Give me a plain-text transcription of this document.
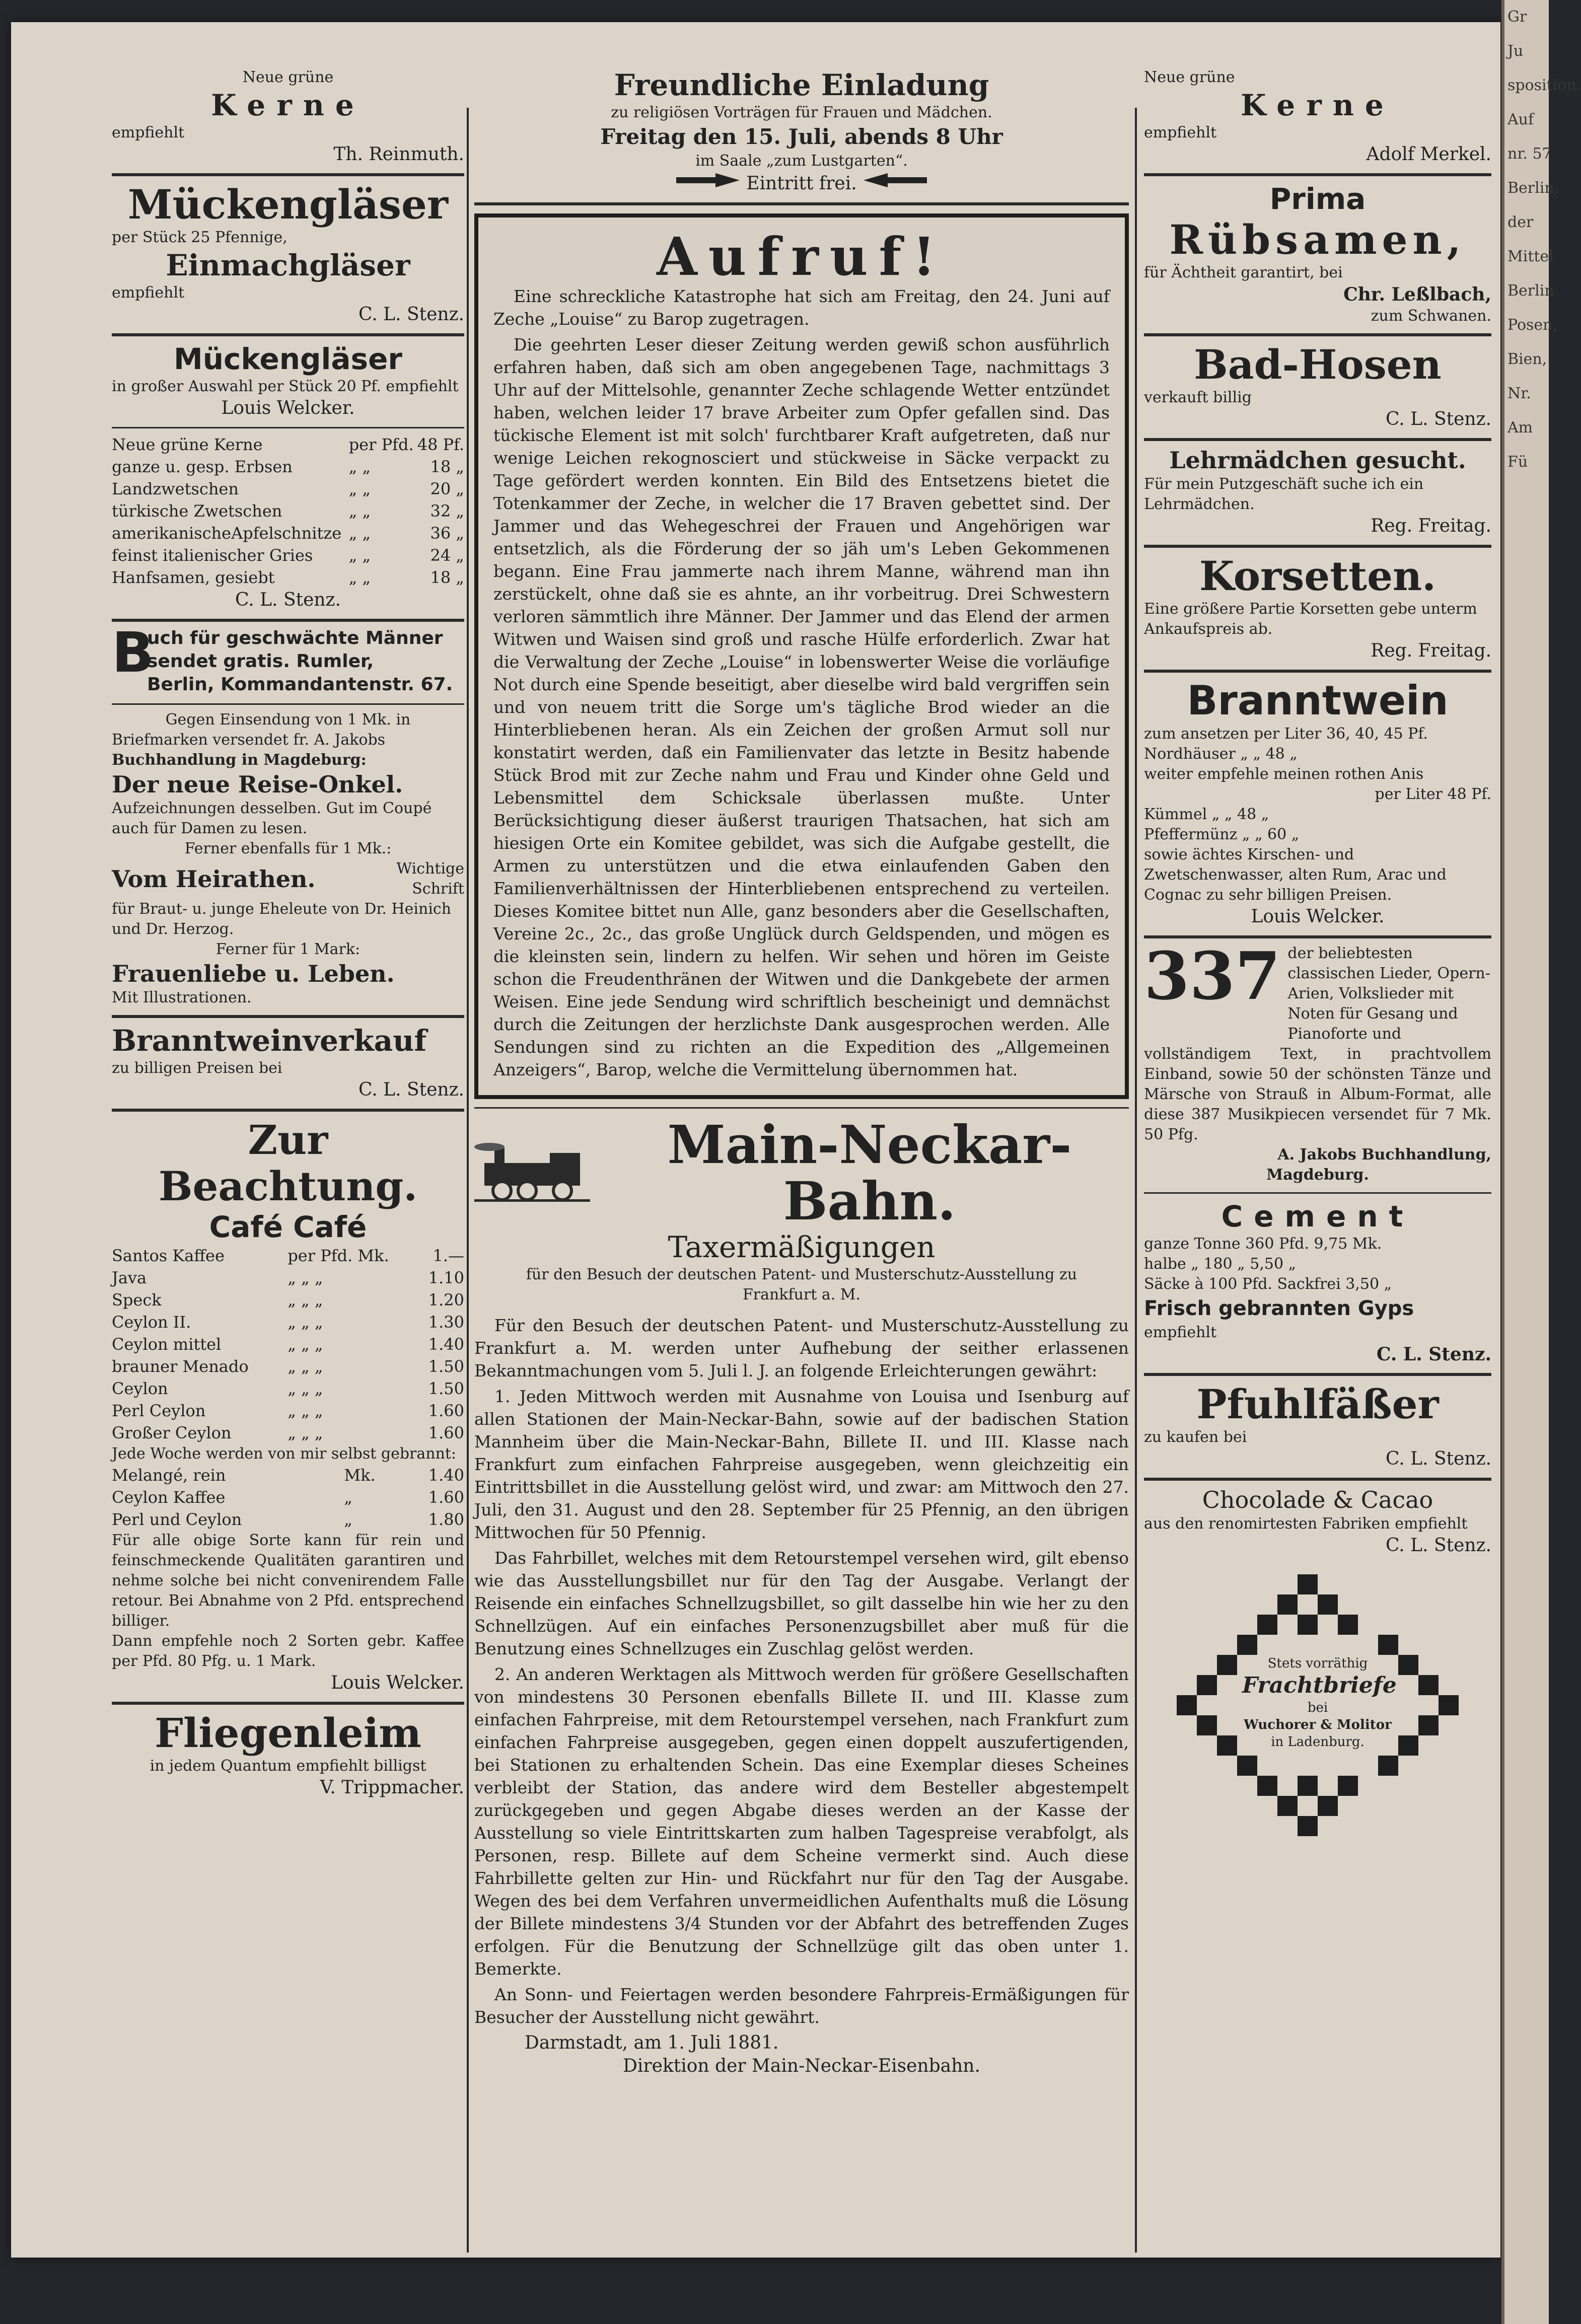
Neue grüne
Kerne
empfiehlt
Th. Reinmuth.
Mückengläser
per Stück 25 Pfennige,
Einmachgläser
empfiehlt
C. L. Stenz.
Mückengläser
in großer Auswahl per Stück 20 Pf. empfiehlt
Louis Welcker.
Neue grüne Kerne	per Pfd.	48 Pf.
ganze u. gesp. Erbsen	„ „	18 „
Landzwetschen	„ „	20 „
türkische Zwetschen	„ „	32 „
amerikanischeApfelschnitze	„ „	36 „
feinst italienischer Gries	„ „	24 „
Hanfsamen, gesiebt	„ „	18 „
C. L. Stenz.
B
uch für geschwächte Männer
sendet gratis. Rumler,
Berlin, Kommandantenstr. 67.
Gegen Einsendung von 1 Mk. in
Briefmarken versendet fr. A. Jakobs
Buchhandlung in Magdeburg:
Der neue Reise-Onkel.
Aufzeichnungen desselben. Gut im Coupé auch für Damen zu lesen.
Ferner ebenfalls für 1 Mk.:
Vom Heirathen.	Wichtige Schrift
für Braut- u. junge Eheleute von Dr. Heinich und Dr. Herzog.
Ferner für 1 Mark:
Frauenliebe u. Leben.
Mit Illustrationen.
Branntweinverkauf
zu billigen Preisen bei
C. L. Stenz.
Zur Beachtung.
Café Café
Santos Kaffee	per Pfd. Mk.	1.—
Java	„ „ „	1.10
Speck	„ „ „	1.20
Ceylon II.	„ „ „	1.30
Ceylon mittel	„ „ „	1.40
brauner Menado	„ „ „	1.50
Ceylon	„ „ „	1.50
Perl Ceylon	„ „ „	1.60
Großer Ceylon	„ „ „	1.60
Jede Woche werden von mir selbst gebrannt:
Melangé, rein	Mk.	1.40
Ceylon Kaffee	„	1.60
Perl und Ceylon	„	1.80
Für alle obige Sorte kann für rein und feinschmeckende Qualitäten garantiren und nehme solche bei nicht convenirendem Falle retour. Bei Abnahme von 2 Pfd. entsprechend billiger.
Dann empfehle noch 2 Sorten gebr. Kaffee per Pfd. 80 Pfg. u. 1 Mark.
Louis Welcker.
Fliegenleim
in jedem Quantum empfiehlt billigst
V. Trippmacher.
Freundliche Einladung
zu religiösen Vorträgen für Frauen und Mädchen.
Freitag den 15. Juli, abends 8 Uhr
im Saale „zum Lustgarten“.
Eintritt frei.
Aufruf!

Eine schreckliche Katastrophe hat sich am Freitag, den 24. Juni auf Zeche „Louise“ zu Barop zugetragen.

Die geehrten Leser dieser Zeitung werden gewiß schon ausführlich erfahren haben, daß sich am oben angegebenen Tage, nachmittags 3 Uhr auf der Mittelsohle, genannter Zeche schlagende Wetter entzündet haben, welchen leider 17 brave Arbeiter zum Opfer gefallen sind. Das tückische Element ist mit solch' furchtbarer Kraft aufgetreten, daß nur wenige Leichen rekognosciert und stückweise in Säcke verpackt zu Tage gefördert werden konnten. Ein Bild des Entsetzens bietet die Totenkammer der Zeche, in welcher die 17 Braven gebettet sind. Der Jammer und das Wehegeschrei der Frauen und Angehörigen war entsetzlich, als die Förderung der so jäh um's Leben Gekommenen begann. Eine Frau jammerte nach ihrem Manne, während man ihn zerstückelt, ohne daß sie es ahnte, an ihr vorbeitrug. Drei Schwestern verloren sämmtlich ihre Männer. Der Jammer und das Elend der armen Witwen und Waisen sind groß und rasche Hülfe erforderlich. Zwar hat die Verwaltung der Zeche „Louise“ in lobenswerter Weise die vorläufige Not durch eine Spende beseitigt, aber dieselbe wird bald vergriffen sein und von neuem tritt die Sorge um's tägliche Brod wieder an die Hinterbliebenen heran. Als ein Zeichen der großen Armut soll nur konstatirt werden, daß ein Familienvater das letzte in Besitz habende Stück Brod mit zur Zeche nahm und Frau und Kinder ohne Geld und Lebensmittel dem Schicksale überlassen mußte. Unter Berücksichtigung dieser äußerst traurigen Thatsachen, hat sich am hiesigen Orte ein Komitee gebildet, was sich die Aufgabe gestellt, die Armen zu unterstützen und die etwa einlaufenden Gaben den Familienverhältnissen der Hinterbliebenen entsprechend zu verteilen. Dieses Komitee bittet nun Alle, ganz besonders aber die Gesellschaften, Vereine 2c., 2c., das große Unglück durch Geldspenden, und mögen es die kleinsten sein, lindern zu helfen. Wir sehen und hören im Geiste schon die Freudenthränen der Witwen und die Dankgebete der armen Weisen. Eine jede Sendung wird schriftlich bescheinigt und demnächst durch die Zeitungen der herzlichste Dank ausgesprochen werden. Alle Sendungen sind zu richten an die Expedition des „Allgemeinen Anzeigers“, Barop, welche die Vermittelung übernommen hat.

Main-Neckar-Bahn.
Taxermäßigungen
für den Besuch der deutschen Patent- und Musterschutz-Ausstellung zu Frankfurt a. M.

Für den Besuch der deutschen Patent- und Musterschutz-Ausstellung zu Frankfurt a. M. werden unter Aufhebung der seither erlassenen Bekanntmachungen vom 5. Juli l. J. an folgende Erleichterungen gewährt:

1. Jeden Mittwoch werden mit Ausnahme von Louisa und Isenburg auf allen Stationen der Main-Neckar-Bahn, sowie auf der badischen Station Mannheim über die Main-Neckar-Bahn, Billete II. und III. Klasse nach Frankfurt zum einfachen Fahrpreise ausgegeben, wenn gleichzeitig ein Eintrittsbillet in die Ausstellung gelöst wird, und zwar: am Mittwoch den 27. Juli, den 31. August und den 28. September für 25 Pfennig, an den übrigen Mittwochen für 50 Pfennig.

Das Fahrbillet, welches mit dem Retourstempel versehen wird, gilt ebenso wie das Ausstellungsbillet nur für den Tag der Ausgabe. Verlangt der Reisende ein einfaches Schnellzugsbillet, so gilt dasselbe hin wie her zu den Schnellzügen. Auf ein einfaches Personenzugsbillet aber muß für die Benutzung eines Schnellzuges ein Zuschlag gelöst werden.

2. An anderen Werktagen als Mittwoch werden für größere Gesellschaften von mindestens 30 Personen ebenfalls Billete II. und III. Klasse zum einfachen Fahrpreise, mit dem Retourstempel versehen, nach Frankfurt zum einfachen Fahrpreise ausgegeben, gegen einen doppelt auszufertigenden, bei Stationen zu erhaltenden Schein. Das eine Exemplar dieses Scheines verbleibt der Station, das andere wird dem Besteller abgestempelt zurückgegeben und gegen Abgabe dieses werden an der Kasse der Ausstellung so viele Eintrittskarten zum halben Tagespreise verabfolgt, als Personen, resp. Billete auf dem Scheine vermerkt sind. Auch diese Fahrbillette gelten zur Hin- und Rückfahrt nur für den Tag der Ausgabe. Wegen des bei dem Verfahren unvermeidlichen Aufenthalts muß die Lösung der Billete mindestens 3/4 Stunden vor der Abfahrt des betreffenden Zuges erfolgen. Für die Benutzung der Schnellzüge gilt das oben unter 1. Bemerkte.

An Sonn- und Feiertagen werden besondere Fahrpreis-Ermäßigungen für Besucher der Ausstellung nicht gewährt.

Darmstadt, am 1. Juli 1881.
Direktion der Main-Neckar-Eisenbahn.
Neue grüne
Kerne
empfiehlt
Adolf Merkel.
Prima
Rübsamen,
für Ächtheit garantirt, bei
Chr. Leßlbach,
zum Schwanen.
Bad-Hosen
verkauft billig
C. L. Stenz.
Lehrmädchen gesucht.
Für mein Putzgeschäft suche ich ein Lehrmädchen.
Reg. Freitag.
Korsetten.
Eine größere Partie Korsetten gebe unterm Ankaufspreis ab.
Reg. Freitag.
Branntwein
zum ansetzen per Liter 36, 40, 45 Pf.
Nordhäuser „ „ 48 „
weiter empfehle meinen rothen Anis
per Liter 48 Pf.
Kümmel „ „ 48 „
Pfeffermünz „ „ 60 „
sowie ächtes Kirschen- und Zwetschenwasser, alten Rum, Arac und Cognac zu sehr billigen Preisen.
Louis Welcker.
337 der beliebtesten classischen Lieder, Opern-Arien, Volkslieder mit Noten für Gesang und Pianoforte und
vollständigem Text, in prachtvollem Einband, sowie 50 der schönsten Tänze und Märsche von Strauß in Album-Format, alle diese 387 Musikpiecen versendet für 7 Mk. 50 Pfg.
A. Jakobs Buchhandlung,
Magdeburg.
Cement
ganze Tonne 360 Pfd. 9,75 Mk.
halbe „ 180 „ 5,50 „
Säcke à 100 Pfd. Sackfrei 3,50 „
Frisch gebrannten Gyps
empfiehlt
C. L. Stenz.
Pfuhlfäßer
zu kaufen bei
C. L. Stenz.
Chocolade & Cacao
aus den renomirtesten Fabriken empfiehlt
C. L. Stenz.
Stets vorräthig
Frachtbriefe
bei
Wuchorer & Molitor
in Ladenburg.
Gr
Ju
sposition.
Auf
nr. 57
Berlin,
der
Mittel
Berlin
Posen,
Bien,
Nr.
Am
Fü
